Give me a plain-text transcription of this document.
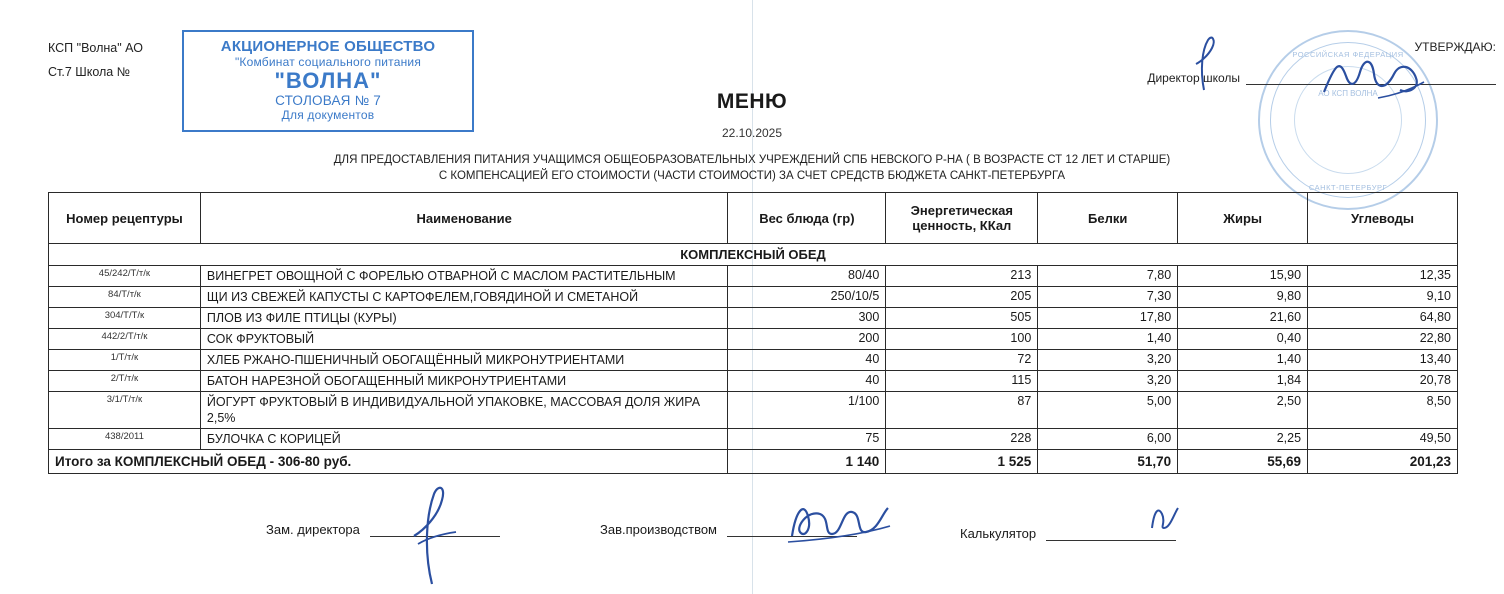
КСП "Волна" АО
Ст.7 Школа №
АКЦИОНЕРНОЕ ОБЩЕСТВО
"Комбинат социального питания
"ВОЛНА"
СТОЛОВАЯ № 7
Для документов
РОССИЙСКАЯ ФЕДЕРАЦИЯ
АО КСП ВОЛНА
САНКТ-ПЕТЕРБУРГ
УТВЕРЖДАЮ:
Директор школы
МЕНЮ
22.10.2025
ДЛЯ ПРЕДОСТАВЛЕНИЯ ПИТАНИЯ УЧАЩИМСЯ ОБЩЕОБРАЗОВАТЕЛЬНЫХ УЧРЕЖДЕНИЙ СПБ НЕВСКОГО Р-НА ( В ВОЗРАСТЕ СТ 12 ЛЕТ И СТАРШЕ)
С КОМПЕНСАЦИЕЙ ЕГО СТОИМОСТИ (ЧАСТИ СТОИМОСТИ) ЗА СЧЕТ СРЕДСТВ БЮДЖЕТА САНКТ-ПЕТЕРБУРГА
Номер рецептуры	Наименование	Вес блюда (гр)	Энергетическая ценность, ККал	Белки	Жиры	Углеводы
КОМПЛЕКСНЫЙ ОБЕД						
45/242/Т/т/к	ВИНЕГРЕТ ОВОЩНОЙ С ФОРЕЛЬЮ ОТВАРНОЙ С МАСЛОМ РАСТИТЕЛЬНЫМ	80/40	213	7,80	15,90	12,35
84/Т/т/к	ЩИ ИЗ СВЕЖЕЙ КАПУСТЫ С КАРТОФЕЛЕМ,ГОВЯДИНОЙ И СМЕТАНОЙ	250/10/5	205	7,30	9,80	9,10
304/Т/Т/к	ПЛОВ ИЗ ФИЛЕ ПТИЦЫ (КУРЫ)	300	505	17,80	21,60	64,80
442/2/Т/т/к	СОК ФРУКТОВЫЙ	200	100	1,40	0,40	22,80
1/Т/т/к	ХЛЕБ РЖАНО-ПШЕНИЧНЫЙ ОБОГАЩЁННЫЙ МИКРОНУТРИЕНТАМИ	40	72	3,20	1,40	13,40
2/Т/т/к	БАТОН НАРЕЗНОЙ ОБОГАЩЕННЫЙ МИКРОНУТРИЕНТАМИ	40	115	3,20	1,84	20,78
3/1/Т/т/к	ЙОГУРТ ФРУКТОВЫЙ В ИНДИВИДУАЛЬНОЙ УПАКОВКЕ, МАССОВАЯ ДОЛЯ ЖИРА 2,5%	1/100	87	5,00	2,50	8,50
438/2011	БУЛОЧКА С КОРИЦЕЙ	75	228	6,00	2,25	49,50
Итого за КОМПЛЕКСНЫЙ ОБЕД - 306-80 руб.		1 140	1 525	51,70	55,69	201,23
Зам. директора	Зав.производством	Калькулятор
